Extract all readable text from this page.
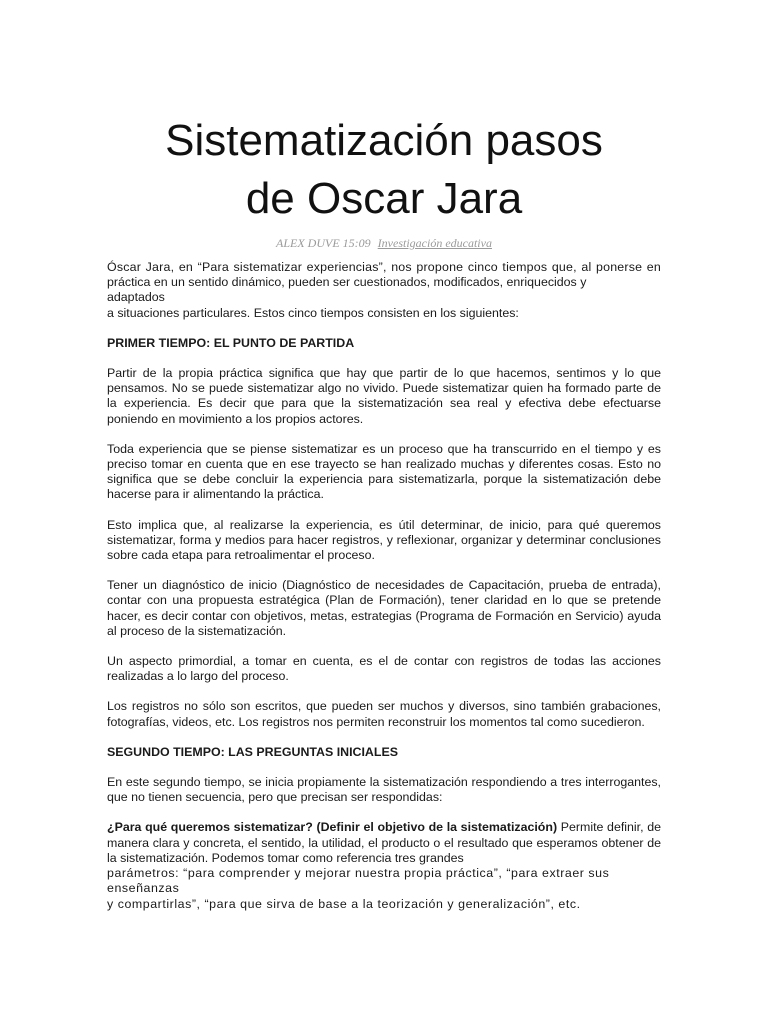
Sistematización pasos
de Oscar Jara
ALEX DUVE 15:09 Investigación educativa

Óscar Jara, en “Para sistematizar experiencias”, nos propone cinco tiempos que, al ponerse en práctica en un sentido dinámico, pueden ser cuestionados, modificados, enriquecidos y
adaptados
a situaciones particulares. Estos cinco tiempos consisten en los siguientes:

PRIMER TIEMPO: EL PUNTO DE PARTIDA

Partir de la propia práctica significa que hay que partir de lo que hacemos, sentimos y lo que pensamos. No se puede sistematizar algo no vivido. Puede sistematizar quien ha formado parte de la experiencia. Es decir que para que la sistematización sea real y efectiva debe efectuarse poniendo en movimiento a los propios actores.

Toda experiencia que se piense sistematizar es un proceso que ha transcurrido en el tiempo y es preciso tomar en cuenta que en ese trayecto se han realizado muchas y diferentes cosas. Esto no significa que se debe concluir la experiencia para sistematizarla, porque la sistematización debe hacerse para ir alimentando la práctica.

Esto implica que, al realizarse la experiencia, es útil determinar, de inicio, para qué queremos sistematizar, forma y medios para hacer registros, y reflexionar, organizar y determinar conclusiones sobre cada etapa para retroalimentar el proceso.

Tener un diagnóstico de inicio (Diagnóstico de necesidades de Capacitación, prueba de entrada), contar con una propuesta estratégica (Plan de Formación), tener claridad en lo que se pretende hacer, es decir contar con objetivos, metas, estrategias (Programa de Formación en Servicio) ayuda al proceso de la sistematización.

Un aspecto primordial, a tomar en cuenta, es el de contar con registros de todas las acciones realizadas a lo largo del proceso.

Los registros no sólo son escritos, que pueden ser muchos y diversos, sino también grabaciones, fotografías, videos, etc. Los registros nos permiten reconstruir los momentos tal como sucedieron.

SEGUNDO TIEMPO: LAS PREGUNTAS INICIALES

En este segundo tiempo, se inicia propiamente la sistematización respondiendo a tres interrogantes, que no tienen secuencia, pero que precisan ser respondidas:

¿Para qué queremos sistematizar? (Definir el objetivo de la sistematización) Permite definir, de manera clara y concreta, el sentido, la utilidad, el producto o el resultado que esperamos obtener de la sistematización. Podemos tomar como referencia tres grandes
parámetros: “para comprender y mejorar nuestra propia práctica”, “para extraer sus enseñanzas
y compartirlas”, “para que sirva de base a la teorización y generalización”, etc.
